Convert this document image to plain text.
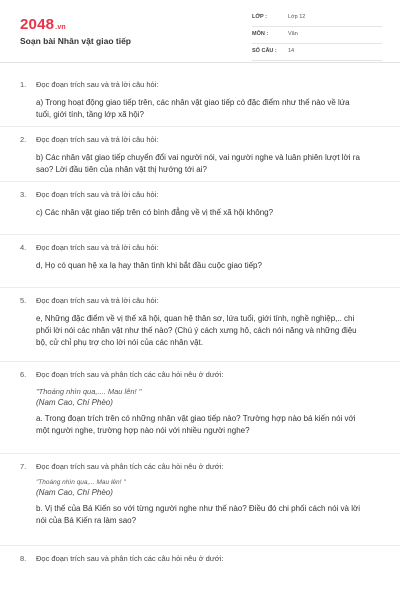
2048.vn
Soạn bài Nhân vật giao tiếp
LỚP :	Lớp 12
MÔN :	Văn
SỐ CÂU : 14
1. Đọc đoạn trích sau và trả lời câu hỏi:
a) Trong hoạt động giao tiếp trên, các nhân vật giao tiếp có đặc điểm như thế nào về lứa tuổi, giới tính, tầng lớp xã hội?
2. Đọc đoạn trích sau và trả lời câu hỏi:
b) Các nhân vật giao tiếp chuyển đổi vai người nói, vai người nghe và luân phiên lượt lời ra sao? Lời đầu tiên của nhân vật thị hướng tới ai?
3. Đọc đoạn trích sau và trả lời câu hỏi:
c) Các nhân vật giao tiếp trên có bình đẳng về vị thế xã hội không?
4. Đọc đoạn trích sau và trả lời câu hỏi:
d, Họ có quan hệ xa lạ hay thân tình khi bắt đầu cuộc giao tiếp?
5. Đọc đoạn trích sau và trả lời câu hỏi:
e, Những đặc điểm về vị thế xã hội, quan hệ thân sơ, lứa tuổi, giới tính, nghề nghiệp,.. chi phối lời nói các nhân vật như thế nào? (Chú ý cách xưng hô, cách nói năng và những điệu bộ, cử chỉ phụ trợ cho lời nói của các nhân vật.
6. Đọc đoạn trích sau và phân tích các câu hỏi nêu ở dưới:
"Thoáng nhìn qua,.... Mau lên! "
(Nam Cao, Chí Phèo)
a. Trong đoạn trích trên có những nhân vật giao tiếp nào? Trường hợp nào bá kiến nói với một người nghe, trường hợp nào nói với nhiều người nghe?
7. Đọc đoạn trích sau và phân tích các câu hỏi nêu ở dưới:
"Thoáng nhìn qua,... Mau lên! "
(Nam Cao, Chí Phèo)
b. Vị thế của Bá Kiến so với từng người nghe như thế nào? Điều đó chi phối cách nói và lời nói của Bá Kiến ra làm sao?
8. Đọc đoạn trích sau và phân tích các câu hỏi nêu ở dưới:
